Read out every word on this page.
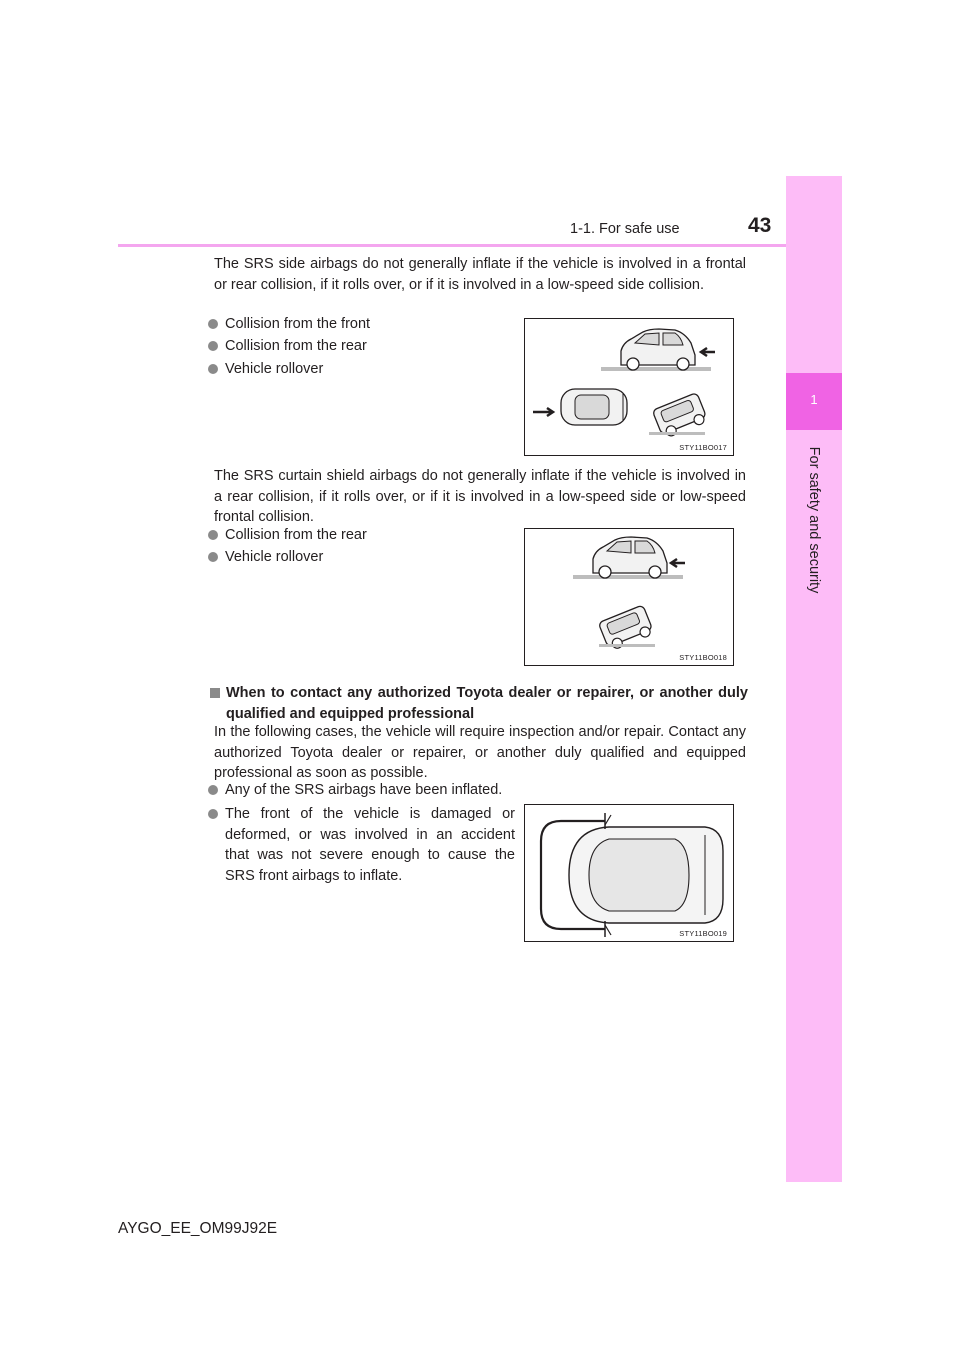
1-1. For safe use	43
1
For safety and security
The SRS side airbags do not generally inflate if the vehicle is involved in a frontal or rear collision, if it rolls over, or if it is involved in a low-speed side collision.
Collision from the front
Collision from the rear
Vehicle rollover
STY11BO017
The SRS curtain shield airbags do not generally inflate if the vehicle is involved in a rear collision, if it rolls over, or if it is involved in a low-speed side or low-speed frontal collision.
Collision from the rear
Vehicle rollover
STY11BO018
When to contact any authorized Toyota dealer or repairer, or another duly qualified and equipped professional
In the following cases, the vehicle will require inspection and/or repair. Contact any authorized Toyota dealer or repairer, or another duly qualified and equipped professional as soon as possible.
Any of the SRS airbags have been inflated.
The front of the vehicle is damaged or deformed, or was involved in an accident that was not severe enough to cause the SRS front airbags to inflate.
STY11BO019
AYGO_EE_OM99J92E
